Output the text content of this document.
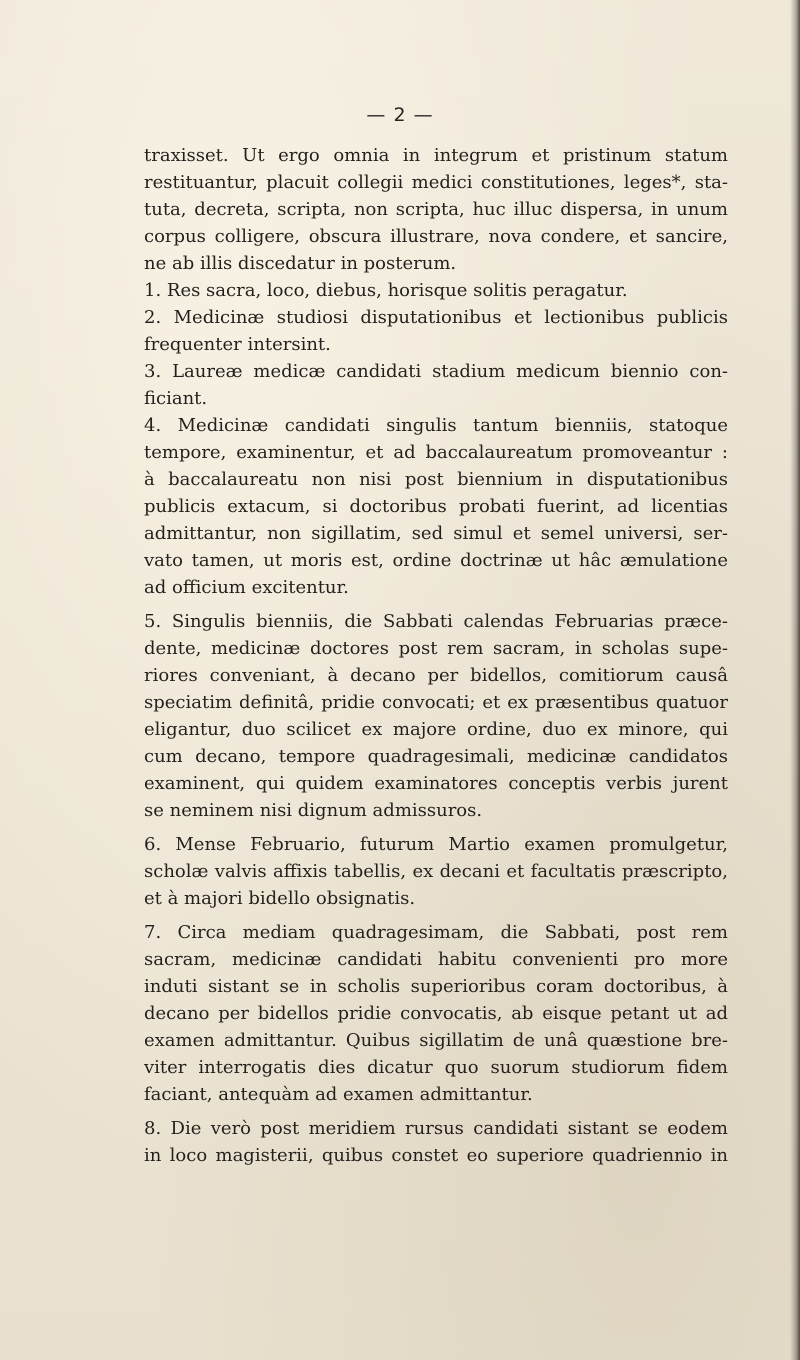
— 2 —
traxisset. Ut ergo omnia in integrum et pristinum statum
restituantur, placuit collegii medici constitutiones, leges*, sta-
tuta, decreta, scripta, non scripta, huc illuc dispersa, in unum
corpus colligere, obscura illustrare, nova condere, et sancire,
ne ab illis discedatur in posterum.
1. Res sacra, loco, diebus, horisque solitis peragatur.
2. Medicinæ studiosi disputationibus et lectionibus publicis
frequenter intersint.
3. Laureæ medicæ candidati stadium medicum biennio con-
ficiant.
4. Medicinæ candidati singulis tantum bienniis, statoque
tempore, examinentur, et ad baccalaureatum promoveantur :
à baccalaureatu non nisi post biennium in disputationibus
publicis extacum, si doctoribus probati fuerint, ad licentias
admittantur, non sigillatim, sed simul et semel universi, ser-
vato tamen, ut moris est, ordine doctrinæ ut hâc æmulatione
ad officium excitentur.
5. Singulis bienniis, die Sabbati calendas Februarias præce-
dente, medicinæ doctores post rem sacram, in scholas supe-
riores conveniant, à decano per bidellos, comitiorum causâ
speciatim definitâ, pridie convocati; et ex præsentibus quatuor
eligantur, duo scilicet ex majore ordine, duo ex minore, qui
cum decano, tempore quadragesimali, medicinæ candidatos
examinent, qui quidem examinatores conceptis verbis jurent
se neminem nisi dignum admissuros.
6. Mense Februario, futurum Martio examen promulgetur,
scholæ valvis affixis tabellis, ex decani et facultatis præscripto,
et à majori bidello obsignatis.
7. Circa mediam quadragesimam, die Sabbati, post rem
sacram, medicinæ candidati habitu convenienti pro more
induti sistant se in scholis superioribus coram doctoribus, à
decano per bidellos pridie convocatis, ab eisque petant ut ad
examen admittantur. Quibus sigillatim de unâ quæstione bre-
viter interrogatis dies dicatur quo suorum studiorum fidem
faciant, antequàm ad examen admittantur.
8. Die verò post meridiem rursus candidati sistant se eodem
in loco magisterii, quibus constet eo superiore quadriennio in
